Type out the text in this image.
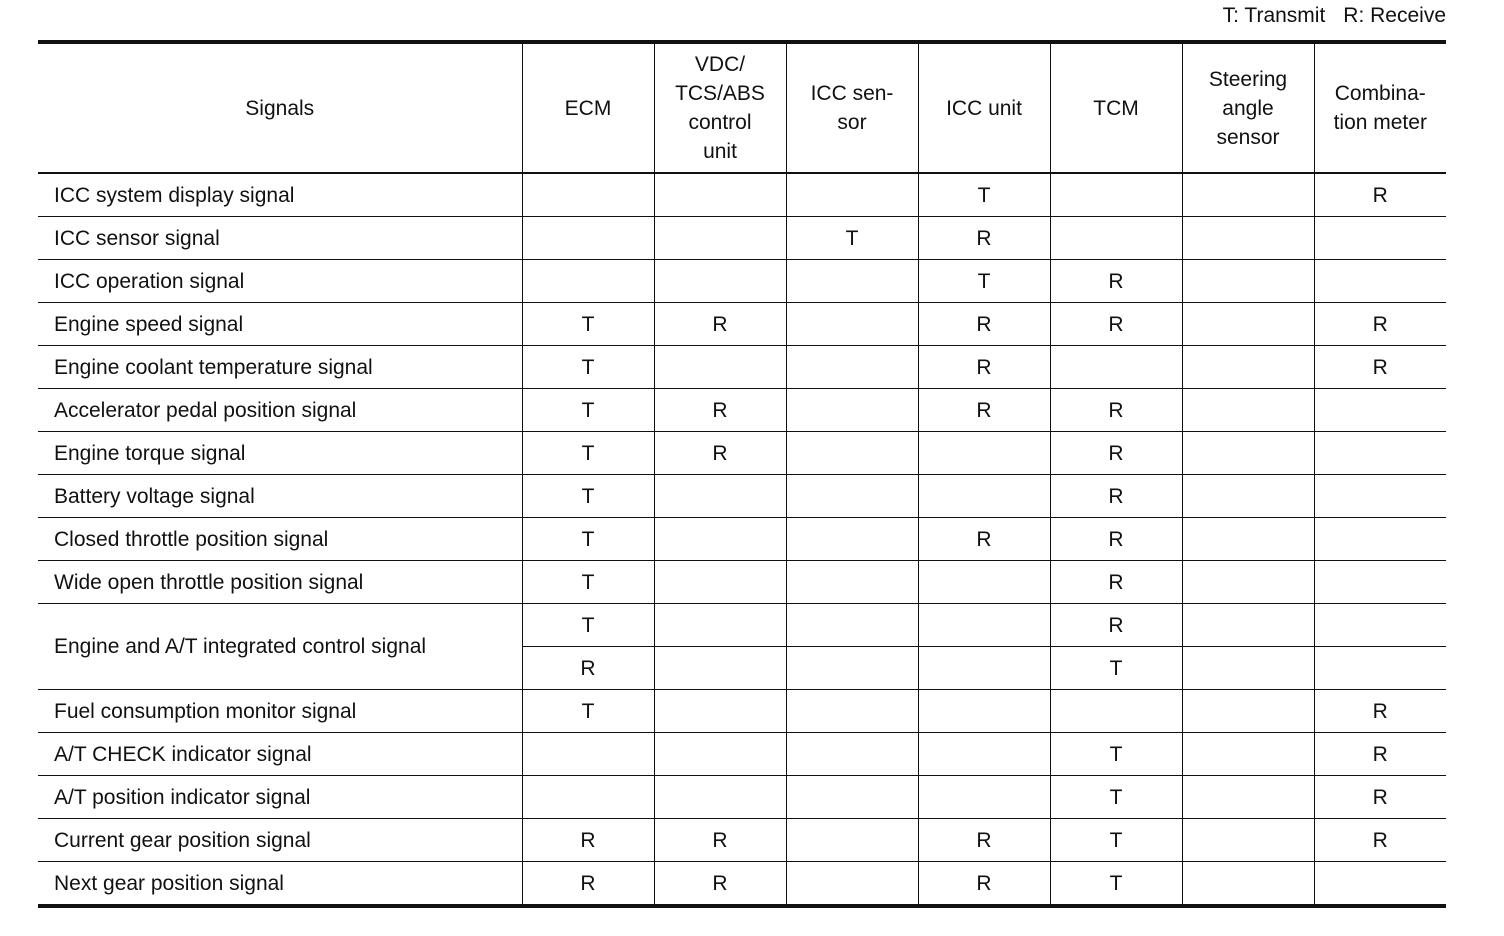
T: Transmit R: Receive
Signals	ECM	VDC/
TCS/ABS
control
unit	ICC sen-
sor	ICC unit	TCM	Steering
angle
sensor	Combina-
tion meter
ICC system display signal				T			R
ICC sensor signal			T	R			
ICC operation signal				T	R		
Engine speed signal	T	R		R	R		R
Engine coolant temperature signal	T			R			R
Accelerator pedal position signal	T	R		R	R		
Engine torque signal	T	R			R		
Battery voltage signal	T				R		
Closed throttle position signal	T			R	R		
Wide open throttle position signal	T				R		
Engine and A/T integrated control signal	T				R		
	R				T		
Fuel consumption monitor signal	T						R
A/T CHECK indicator signal					T		R
A/T position indicator signal					T		R
Current gear position signal	R	R		R	T		R
Next gear position signal	R	R		R	T		
